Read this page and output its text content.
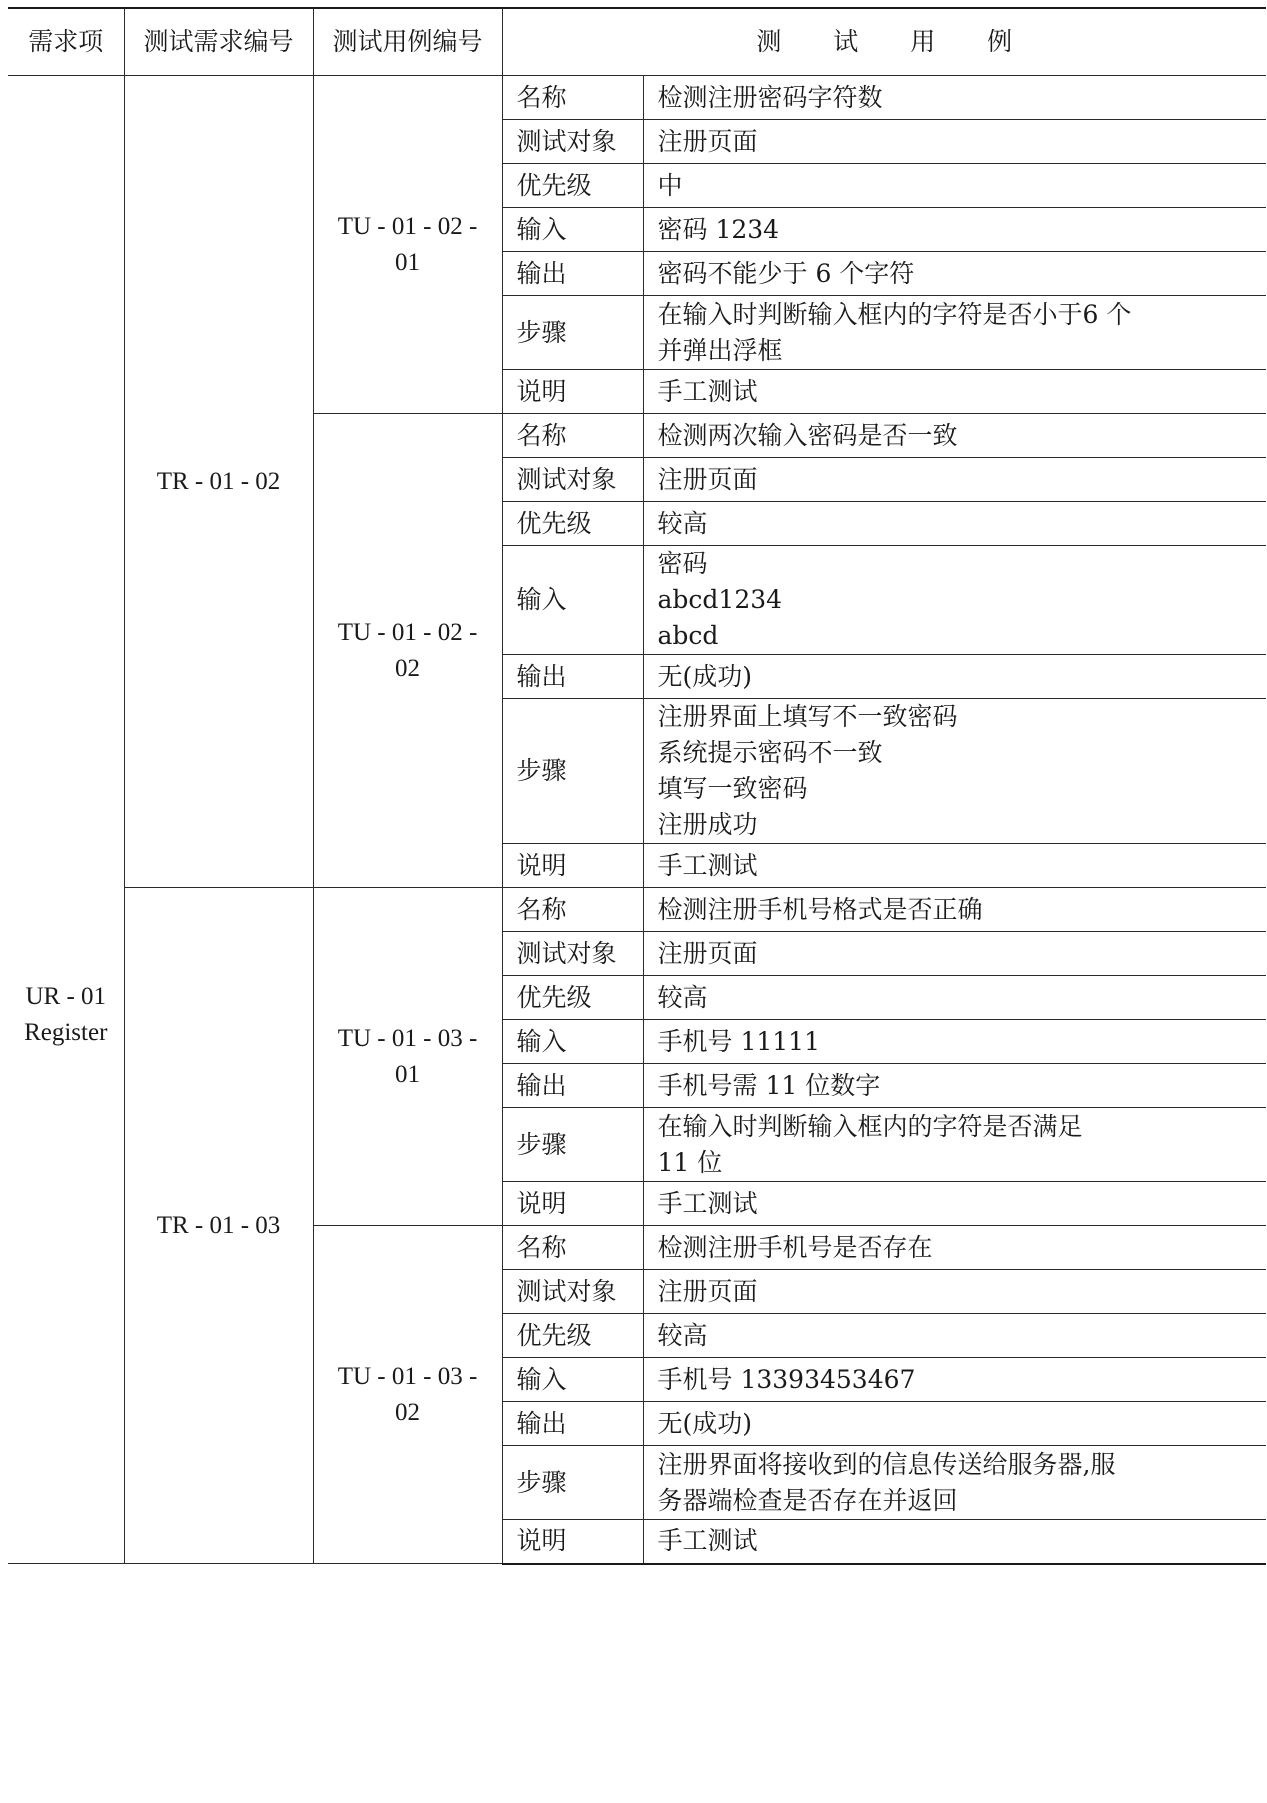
需求项	测试需求编号	测试用例编号	测 试 用 例	

UR - 01
Register	TR - 01 - 02	TU - 01 - 02 - 01	名称	检测注册密码字符数
			测试对象	注册页面
			优先级	中
			输入	密码 1234
			输出	密码不能少于 6 个字符
			步骤	在输入时判断输入框内的字符是否小于6 个
并弹出浮框
			说明	手工测试
		TU - 01 - 02 - 02	名称	检测两次输入密码是否一致
			测试对象	注册页面
			优先级	较高
			输入	密码
abcd1234
abcd
			输出	无(成功)
			步骤	注册界面上填写不一致密码
系统提示密码不一致
填写一致密码
注册成功
			说明	手工测试
	TR - 01 - 03	TU - 01 - 03 - 01	名称	检测注册手机号格式是否正确
			测试对象	注册页面
			优先级	较高
			输入	手机号 11111
			输出	手机号需 11 位数字
			步骤	在输入时判断输入框内的字符是否满足
11 位
			说明	手工测试
		TU - 01 - 03 - 02	名称	检测注册手机号是否存在
			测试对象	注册页面
			优先级	较高
			输入	手机号 13393453467
			输出	无(成功)
			步骤	注册界面将接收到的信息传送给服务器,服
务器端检查是否存在并返回
			说明	手工测试
